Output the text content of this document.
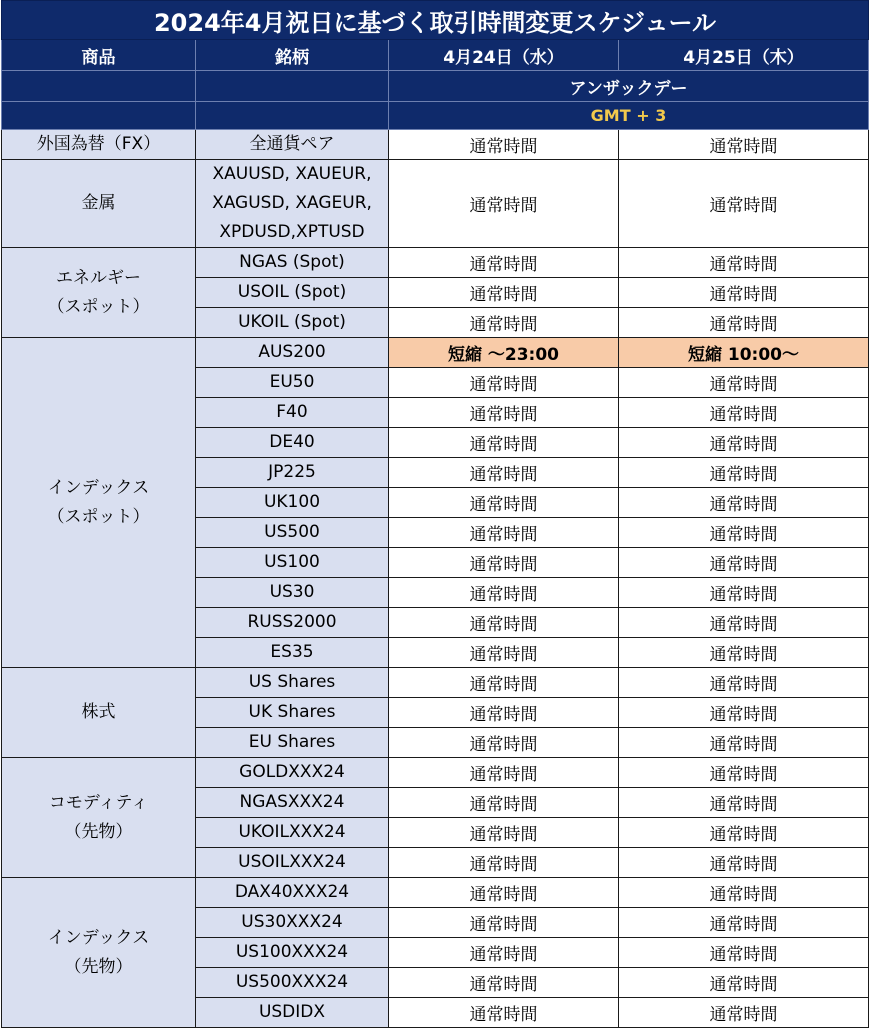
2024年4月祝日に基づく取引時間変更スケジュール			
商品	銘柄	4月24日（水）	4月25日（木）
		アンザックデー	
		GMT + 3	

外国為替（FX）	全通貨ペア	通常時間	通常時間

金属	XAUUSD, XAUEUR,
XAGUSD, XAGEUR,
XPDUSD,XPTUSD	通常時間	通常時間

エネルギー
（スポット）	NGAS (Spot)	通常時間	通常時間
	USOIL (Spot)	通常時間	通常時間
	UKOIL (Spot)	通常時間	通常時間

インデックス
（スポット）	AUS200	短縮 ～23:00	短縮 10:00～
	EU50	通常時間	通常時間
	F40	通常時間	通常時間
	DE40	通常時間	通常時間
	JP225	通常時間	通常時間
	UK100	通常時間	通常時間
	US500	通常時間	通常時間
	US100	通常時間	通常時間
	US30	通常時間	通常時間
	RUSS2000	通常時間	通常時間
	ES35	通常時間	通常時間

株式	US Shares	通常時間	通常時間
	UK Shares	通常時間	通常時間
	EU Shares	通常時間	通常時間

コモディティ
（先物）	GOLDXXX24	通常時間	通常時間
	NGASXXX24	通常時間	通常時間
	UKOILXXX24	通常時間	通常時間
	USOILXXX24	通常時間	通常時間

インデックス
（先物）	DAX40XXX24	通常時間	通常時間
	US30XXX24	通常時間	通常時間
	US100XXX24	通常時間	通常時間
	US500XXX24	通常時間	通常時間
	USDIDX	通常時間	通常時間
